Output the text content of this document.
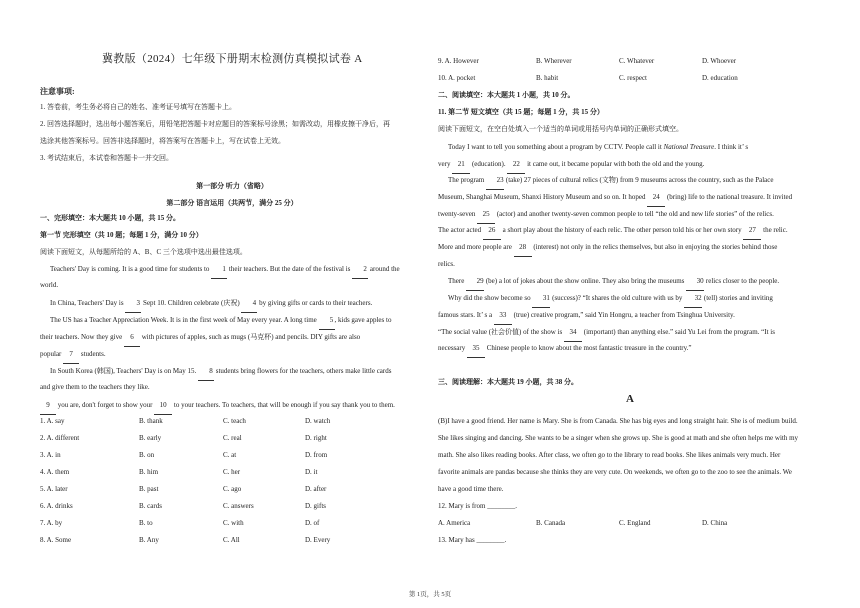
冀教版（2024）七年级下册期末检测仿真模拟试卷 A
注意事项:
1. 答卷前，考生务必将自己的姓名、准考证号填写在答题卡上。
2. 回答选择题时，选出每小题答案后，用铅笔把答题卡对应题目的答案标号涂黑；如需改动，用橡皮擦干净后，再
选涂其他答案标号。回答非选择题时，将答案写在答题卡上，写在试卷上无效。
3. 考试结束后，本试卷和答题卡一并交回。
第一部分 听力（省略）
第二部分 语言运用（共两节，满分 25 分）
一、完形填空：本大题共 10 小题，共 15 分。
第一节 完形填空（共 10 题；每题 1 分，满分 10 分）
阅读下面短文，从每题所给的 A、B、C 三个选项中选出最佳选项。
Teachers' Day is coming. It is a good time for students to 1 their teachers. But the date of the festival is 2 around the
world.
In China, Teachers' Day is 3 Sept 10. Children celebrate (庆祝) 4 by giving gifts or cards to their teachers.
The US has a Teacher Appreciation Week. It is in the first week of May every year. A long time 5, kids gave apples to
their teachers. Now they give 6 with pictures of apples, such as mugs (马克杯) and pencils. DIY gifts are also
popular 7 students.
In South Korea (韩国), Teachers' Day is on May 15. 8 students bring flowers for the teachers, others make little cards
and give them to the teachers they like.
9 you are, don't forget to show your 10 to your teachers. To teachers, that will be enough if you say thank you to them.
1. A. say	B. thank	C. teach	D. watch
2. A. different	B. early	C. real	D. right
3. A. in	B. on	C. at	D. from
4. A. them	B. him	C. her	D. it
5. A. later	B. past	C. ago	D. after
6. A. drinks	B. cards	C. answers	D. gifts
7. A. by	B. to	C. with	D. of
8. A. Some	B. Any	C. All	D. Every
9. A. However	B. Wherever	C. Whatever	D. Whoever
10. A. pocket	B. habit	C. respect	D. education
二、阅读填空：本大题共 1 小题，共 10 分。
11. 第二节 短文填空（共 15 题；每题 1 分，共 15 分）
阅读下面短文，在空白处填入一个适当的单词或用括号内单词的正确形式填空。
Today I want to tell you something about a program by CCTV. People call it National Treasure. I think it’ s
very 21 (education). 22 it came out, it became popular with both the old and the young.
The program 23 (take) 27 pieces of cultural relics (文物) from 9 museums across the country, such as the Palace
Museum, Shanghai Museum, Shanxi History Museum and so on. It hoped 24 (bring) life to the national treasure. It invited
twenty-seven 25 (actor) and another twenty-seven common people to tell “the old and new life stories” of the relics.
The actor acted 26 a short play about the history of each relic. The other person told his or her own story 27 the relic.
More and more people are 28 (interest) not only in the relics themselves, but also in enjoying the stories behind those
relics.
There 29 (be) a lot of jokes about the show online. They also bring the museums 30 relics closer to the people.
Why did the show become so 31 (success)? “It shares the old culture with us by 32 (tell) stories and inviting
famous stars. It’ s a 33 (true) creative program,” said Yin Hongru, a teacher from Tsinghua University.
“The social value (社会价值) of the show is 34 (important) than anything else.” said Yu Lei from the program. “It is
necessary 35 Chinese people to know about the most fantastic treasure in the country.”
三、阅读理解：本大题共 19 小题，共 38 分。
A
(B)I have a good friend. Her name is Mary. She is from Canada. She has big eyes and long straight hair. She is of medium build.
She likes singing and dancing. She wants to be a singer when she grows up. She is good at math and she often helps me with my
math. She also likes reading books. After class, we often go to the library to read books. She likes animals very much. Her
favorite animals are pandas because she thinks they are very cute. On weekends, we often go to the zoo to see the animals. We
have a good time there.
12. Mary is from ________.
A. America	B. Canada	C. England	D. China
13. Mary has ________.
第 1页，共 5页
